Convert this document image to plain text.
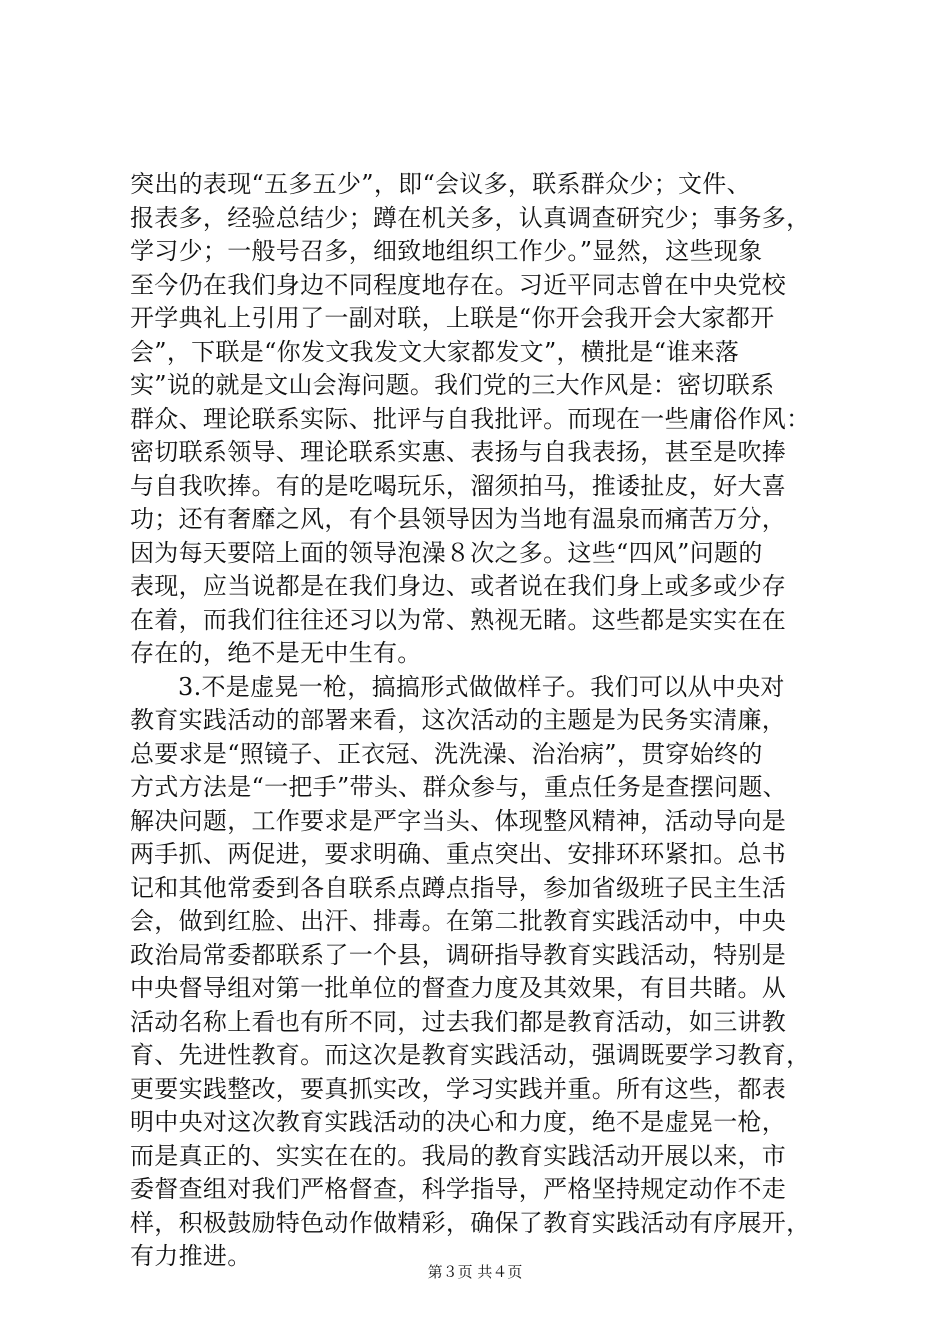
突出的表现“五多五少”，即“会议多，联系群众少；文件、
报表多，经验总结少；蹲在机关多，认真调查研究少；事务多，
学习少；一般号召多，细致地组织工作少。”显然，这些现象
至今仍在我们身边不同程度地存在。习近平同志曾在中央党校
开学典礼上引用了一副对联，上联是“你开会我开会大家都开
会”，下联是“你发文我发文大家都发文”，横批是“谁来落
实”说的就是文山会海问题。我们党的三大作风是：密切联系
群众、理论联系实际、批评与自我批评。而现在一些庸俗作风：
密切联系领导、理论联系实惠、表扬与自我表扬，甚至是吹捧
与自我吹捧。有的是吃喝玩乐，溜须拍马，推诿扯皮，好大喜
功；还有奢靡之风，有个县领导因为当地有温泉而痛苦万分，
因为每天要陪上面的领导泡澡８次之多。这些“四风”问题的
表现，应当说都是在我们身边、或者说在我们身上或多或少存
在着，而我们往往还习以为常、熟视无睹。这些都是实实在在
存在的，绝不是无中生有。
3.不是虚晃一枪，搞搞形式做做样子。我们可以从中央对
教育实践活动的部署来看，这次活动的主题是为民务实清廉，
总要求是“照镜子、正衣冠、洗洗澡、治治病”，贯穿始终的
方式方法是“一把手”带头、群众参与，重点任务是查摆问题、
解决问题，工作要求是严字当头、体现整风精神，活动导向是
两手抓、两促进，要求明确、重点突出、安排环环紧扣。总书
记和其他常委到各自联系点蹲点指导，参加省级班子民主生活
会，做到红脸、出汗、排毒。在第二批教育实践活动中，中央
政治局常委都联系了一个县，调研指导教育实践活动，特别是
中央督导组对第一批单位的督查力度及其效果，有目共睹。从
活动名称上看也有所不同，过去我们都是教育活动，如三讲教
育、先进性教育。而这次是教育实践活动，强调既要学习教育，
更要实践整改，要真抓实改，学习实践并重。所有这些，都表
明中央对这次教育实践活动的决心和力度，绝不是虚晃一枪，
而是真正的、实实在在的。我局的教育实践活动开展以来，市
委督查组对我们严格督查，科学指导，严格坚持规定动作不走
样，积极鼓励特色动作做精彩，确保了教育实践活动有序展开，
有力推进。
第３页 共４页
